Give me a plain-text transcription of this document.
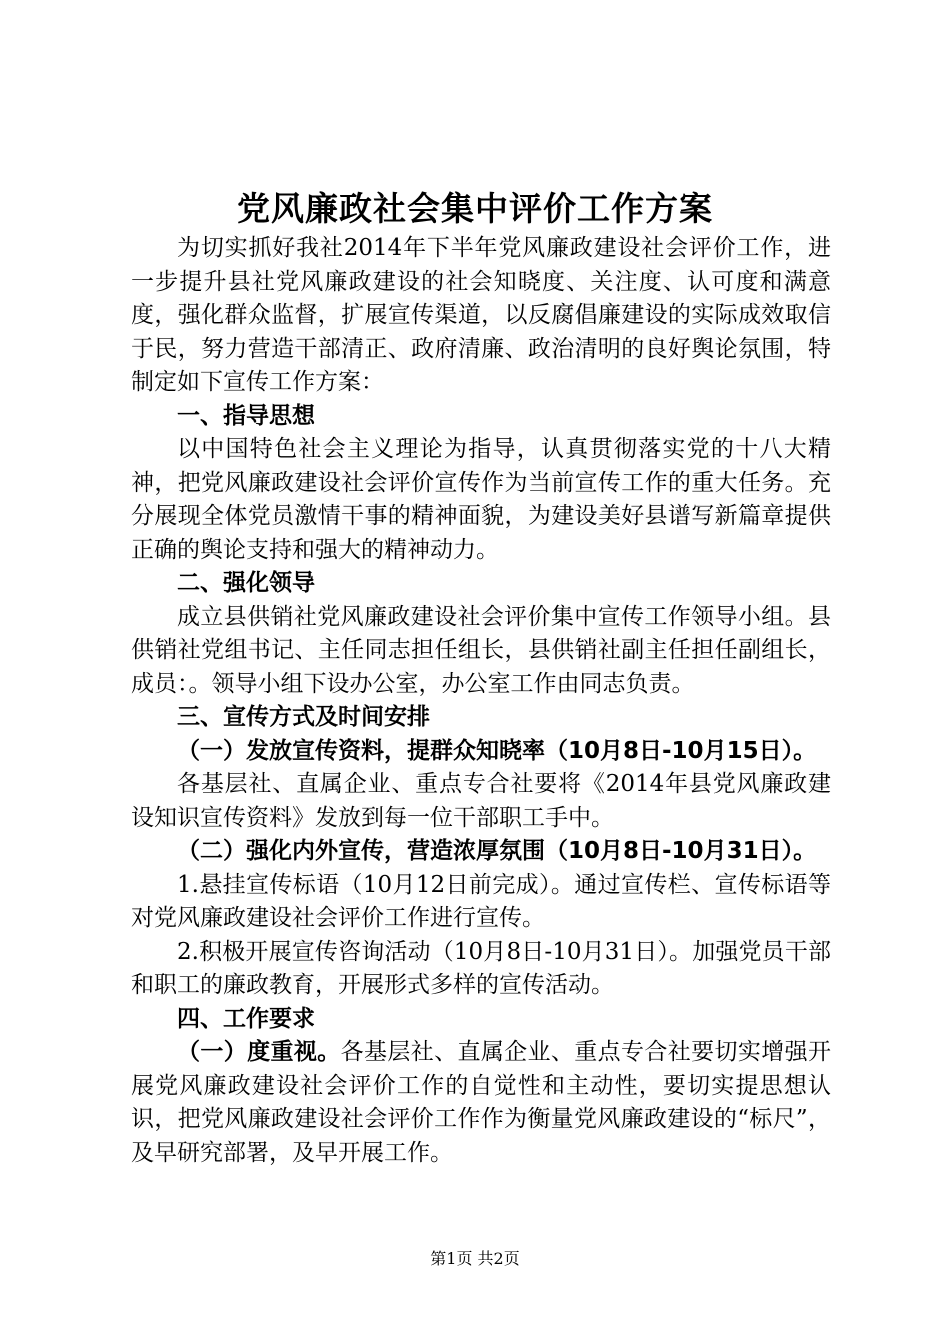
党风廉政社会集中评价工作方案

为切实抓好我社2014年下半年党风廉政建设社会评价工作，进一步提升县社党风廉政建设的社会知晓度、关注度、认可度和满意度，强化群众监督，扩展宣传渠道，以反腐倡廉建设的实际成效取信于民，努力营造干部清正、政府清廉、政治清明的良好舆论氛围，特制定如下宣传工作方案：

一、指导思想

以中国特色社会主义理论为指导，认真贯彻落实党的十八大精神，把党风廉政建设社会评价宣传作为当前宣传工作的重大任务。充分展现全体党员激情干事的精神面貌，为建设美好县谱写新篇章提供正确的舆论支持和强大的精神动力。

二、强化领导

成立县供销社党风廉政建设社会评价集中宣传工作领导小组。县供销社党组书记、主任同志担任组长，县供销社副主任担任副组长，成员：。领导小组下设办公室，办公室工作由同志负责。

三、宣传方式及时间安排
（一）发放宣传资料，提群众知晓率（10月8日-10月15日）。

各基层社、直属企业、重点专合社要将《2014年县党风廉政建设知识宣传资料》发放到每一位干部职工手中。

（二）强化内外宣传，营造浓厚氛围（10月8日-10月31日）。

1.悬挂宣传标语（10月12日前完成）。通过宣传栏、宣传标语等对党风廉政建设社会评价工作进行宣传。

2.积极开展宣传咨询活动（10月8日-10月31日）。加强党员干部和职工的廉政教育，开展形式多样的宣传活动。

四、工作要求

（一）度重视。各基层社、直属企业、重点专合社要切实增强开展党风廉政建设社会评价工作的自觉性和主动性，要切实提思想认识，把党风廉政建设社会评价工作作为衡量党风廉政建设的“标尺”，及早研究部署，及早开展工作。

第1页 共2页
